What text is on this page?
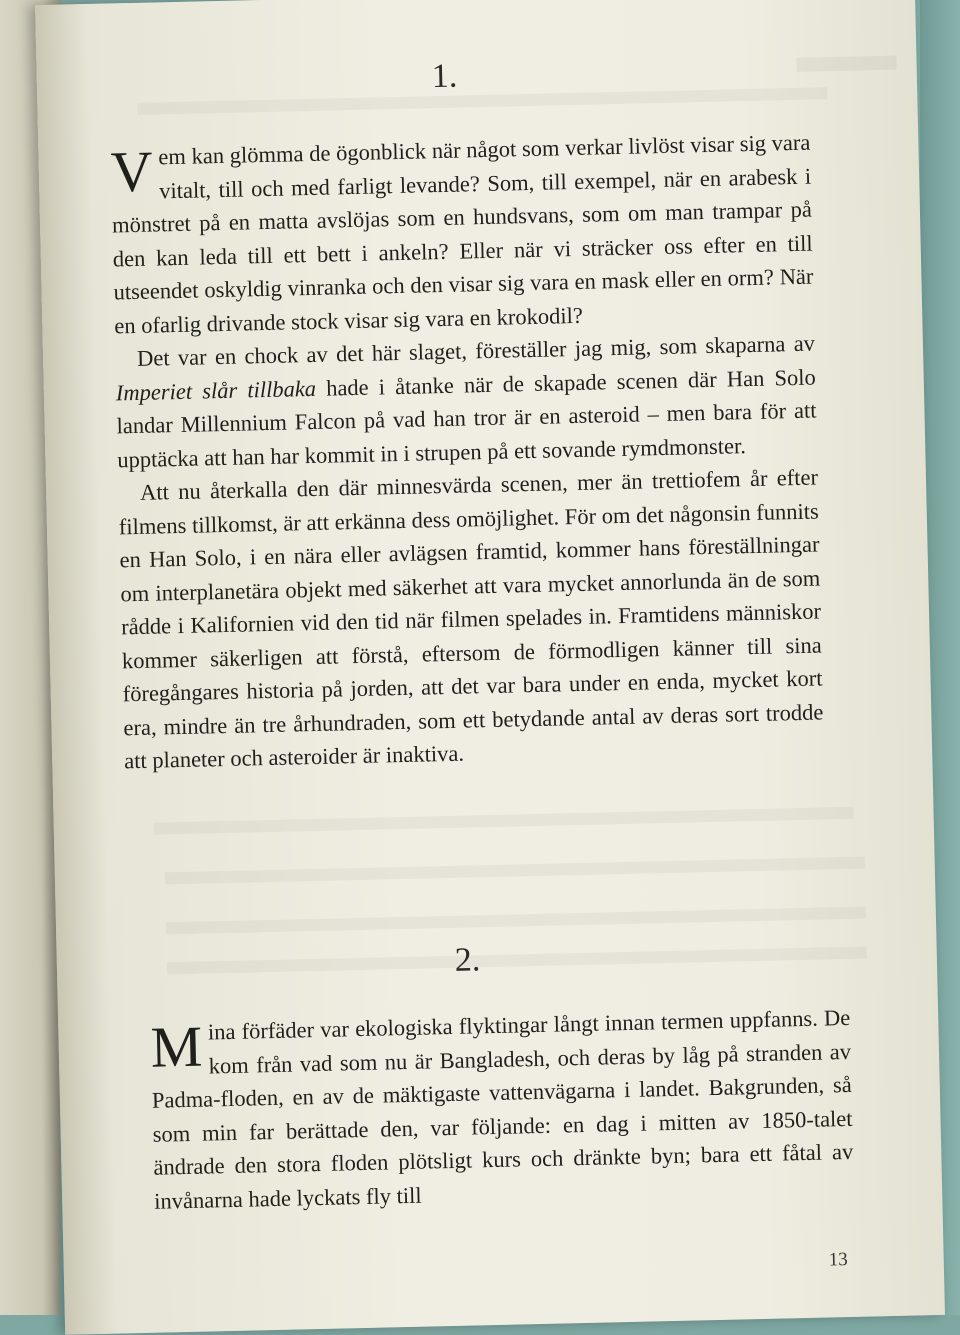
1.

Vem kan glömma de ögonblick när något som verkar livlöst visar sig vara vitalt, till och med farligt levande? Som, till exempel, när en arabesk i mönstret på en matta avslöjas som en hundsvans, som om man trampar på den kan leda till ett bett i ankeln? Eller när vi sträcker oss efter en till utseendet oskyldig vinranka och den visar sig vara en mask eller en orm? När en ofarlig drivande stock visar sig vara en krokodil?

Det var en chock av det här slaget, föreställer jag mig, som skaparna av Imperiet slår tillbaka hade i åtanke när de skapade scenen där Han Solo landar Millennium Falcon på vad han tror är en asteroid – men bara för att upptäcka att han har kommit in i strupen på ett sovande rymdmonster.

Att nu återkalla den där minnesvärda scenen, mer än trettiofem år efter filmens tillkomst, är att erkänna dess omöjlighet. För om det någonsin funnits en Han Solo, i en nära eller avlägsen framtid, kommer hans föreställningar om interplanetära objekt med säkerhet att vara mycket annorlunda än de som rådde i Kalifornien vid den tid när filmen spelades in. Framtidens människor kommer säkerligen att förstå, eftersom de förmodligen känner till sina föregångares historia på jorden, att det var bara under en enda, mycket kort era, mindre än tre århundraden, som ett betydande antal av deras sort trodde att planeter och asteroider är inaktiva.

2.

Mina förfäder var ekologiska flyktingar långt innan termen uppfanns. De kom från vad som nu är Bangladesh, och deras by låg på stranden av Padma-floden, en av de mäktigaste vattenvägarna i landet. Bakgrunden, så som min far berättade den, var följande: en dag i mitten av 1850-talet ändrade den stora floden plötsligt kurs och dränkte byn; bara ett fåtal av invånarna hade lyckats fly till

13
